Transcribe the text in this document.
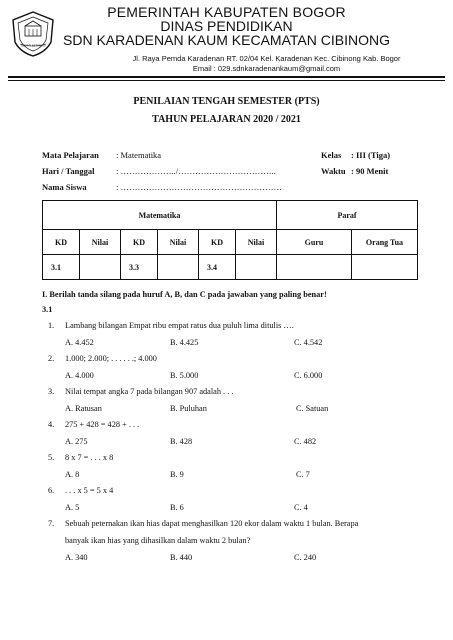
TEGAR BERIMAN
PEMERINTAH KABUPATEN BOGOR
DINAS PENDIDIKAN
SDN KARADENAN KAUM KECAMATAN CIBINONG
Jl. Raya Pemda Karadenan RT. 02/04 Kel. Karadenan Kec. Cibinong Kab. Bogor
Email : 029.sdnkaradenankaum@gmail.com
PENILAIAN TENGAH SEMESTER (PTS)
TAHUN PELAJARAN 2020 / 2021
Mata Pelajaran : Matematika
Hari / Tanggal	: ………………../……………………………..
Nama Siswa	: …………………………………………………
Kelas : III (Tiga)
Waktu : 90 Menit
Matematika						Paraf	
KD	Nilai	KD	Nilai	KD	Nilai	Guru	Orang Tua
3.1		3.3		3.4			
I. Berilah tanda silang pada huruf A, B, dan C pada jawaban yang paling benar!
3.1
1. Lambang bilangan Empat ribu empat ratus dua puluh lima ditulis ….
A. 4.452	B. 4.425	C. 4.542
2. 1.000; 2.000; . . . . . .; 4.000
A. 4.000	B. 5.000	C. 6.000
3. Nilai tempat angka 7 pada bilangan 907 adalah . . .
A. Ratusan	B. Puluhan	C. Satuan
4. 275 + 428 = 428 + . . .
A. 275	B. 428	C. 482
5. 8 x 7 = . . . x 8
A. 8	B. 9	C. 7
6. . . . x 5 = 5 x 4
A. 5	B. 6	C. 4
7. Sebuah peternakan ikan hias dapat menghasilkan 120 ekor dalam waktu 1 bulan. Berapa
banyak ikan hias yang dihasilkan dalam waktu 2 bulan?
A. 340	B. 440	C. 240
